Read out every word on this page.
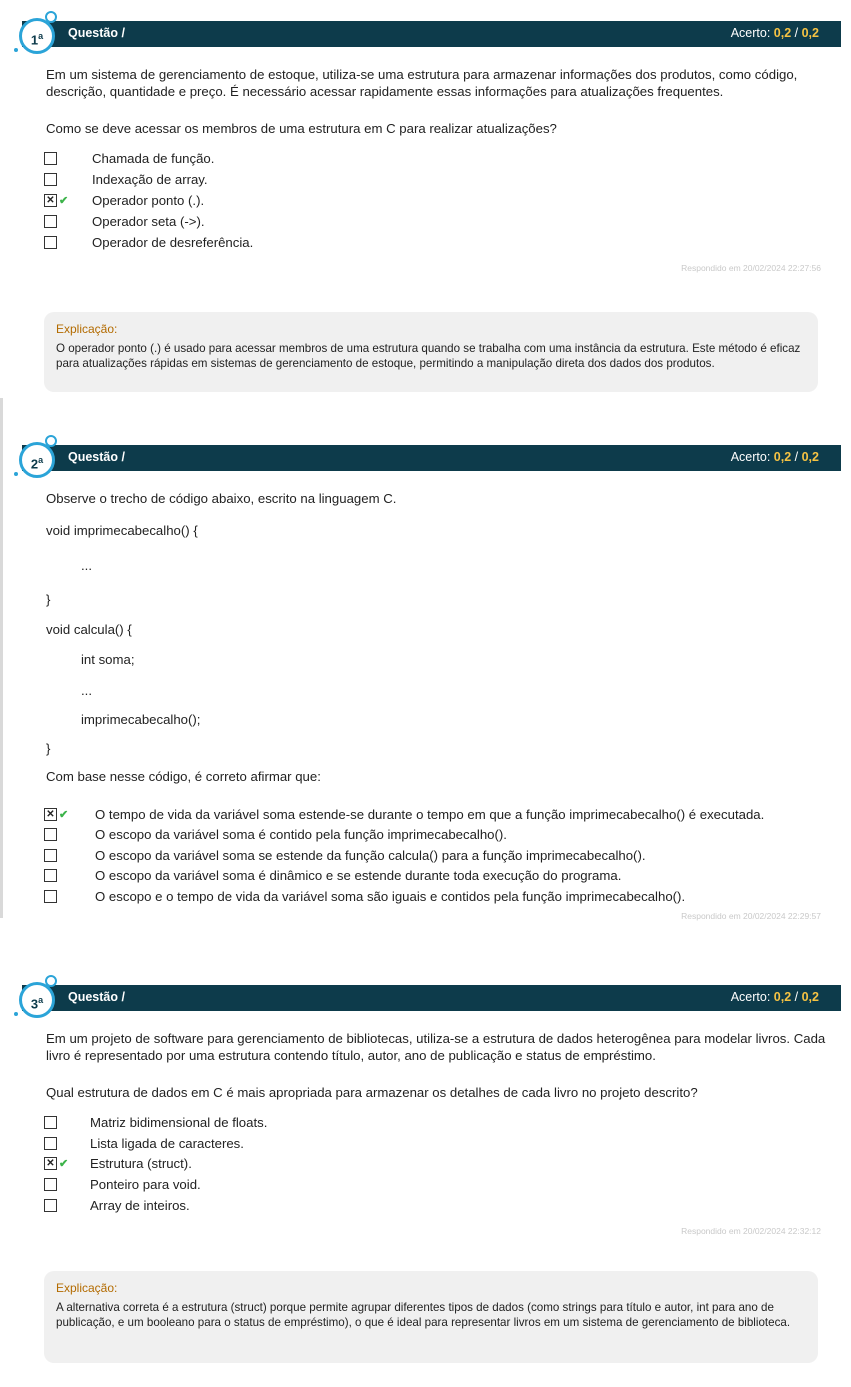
Questão /	Acerto: 0,2 / 0,2
1$^a$
Em um sistema de gerenciamento de estoque, utiliza-se uma estrutura para armazenar informações dos produtos, como código, descrição, quantidade e preço. É necessário acessar rapidamente essas informações para atualizações frequentes.
Como se deve acessar os membros de uma estrutura em C para realizar atualizações?
Chamada de função.
Indexação de array.
✕ ✔ Operador ponto (.).
Operador seta (->).
Operador de desreferência.
Respondido em 20/02/2024 22:27:56
Explicação:
O operador ponto (.) é usado para acessar membros de uma estrutura quando se trabalha com uma instância da estrutura. Este método é eficaz para atualizações rápidas em sistemas de gerenciamento de estoque, permitindo a manipulação direta dos dados dos produtos.
Questão /	Acerto: 0,2 / 0,2
2$^a$
Observe o trecho de código abaixo, escrito na linguagem C.
void imprimecabecalho() {
...
}
void calcula() {
int soma;
...
imprimecabecalho();
}
Com base nesse código, é correto afirmar que:
✕ ✔ O tempo de vida da variável soma estende-se durante o tempo em que a função imprimecabecalho() é executada.
O escopo da variável soma é contido pela função imprimecabecalho().
O escopo da variável soma se estende da função calcula() para a função imprimecabecalho().
O escopo da variável soma é dinâmico e se estende durante toda execução do programa.
O escopo e o tempo de vida da variável soma são iguais e contidos pela função imprimecabecalho().
Respondido em 20/02/2024 22:29:57
Questão /	Acerto: 0,2 / 0,2
3$^a$
Em um projeto de software para gerenciamento de bibliotecas, utiliza-se a estrutura de dados heterogênea para modelar livros. Cada livro é representado por uma estrutura contendo título, autor, ano de publicação e status de empréstimo.
Qual estrutura de dados em C é mais apropriada para armazenar os detalhes de cada livro no projeto descrito?
Matriz bidimensional de floats.
Lista ligada de caracteres.
✕ ✔ Estrutura (struct).
Ponteiro para void.
Array de inteiros.
Respondido em 20/02/2024 22:32:12
Explicação:
A alternativa correta é a estrutura (struct) porque permite agrupar diferentes tipos de dados (como strings para título e autor, int para ano de publicação, e um booleano para o status de empréstimo), o que é ideal para representar livros em um sistema de gerenciamento de biblioteca.
